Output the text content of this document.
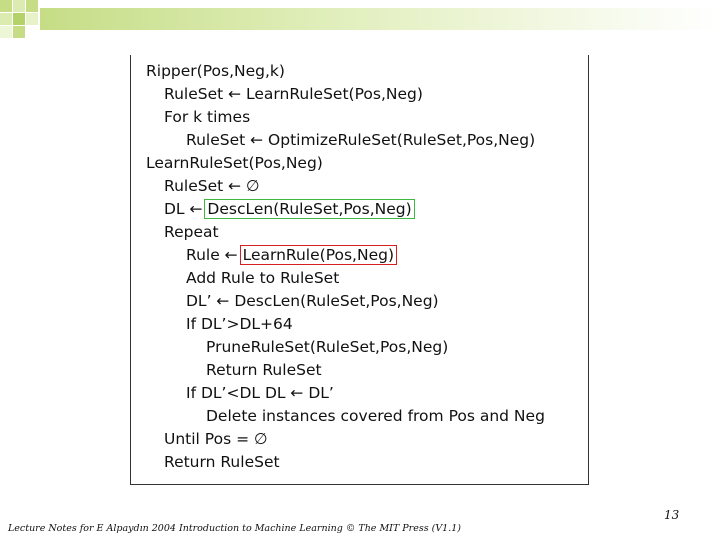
Ripper(Pos,Neg,k)
RuleSet ← LearnRuleSet(Pos,Neg)
For k times
RuleSet ← OptimizeRuleSet(RuleSet,Pos,Neg)
LearnRuleSet(Pos,Neg)
RuleSet ← ∅
DL ← DescLen(RuleSet,Pos,Neg)
Repeat
Rule ← LearnRule(Pos,Neg)
Add Rule to RuleSet
DL’ ← DescLen(RuleSet,Pos,Neg)
If DL’>DL+64
PruneRuleSet(RuleSet,Pos,Neg)
Return RuleSet
If DL’<DL DL ← DL’
Delete instances covered from Pos and Neg
Until Pos = ∅
Return RuleSet
13
Lecture Notes for E Alpaydın 2004 Introduction to Machine Learning © The MIT Press (V1.1)
